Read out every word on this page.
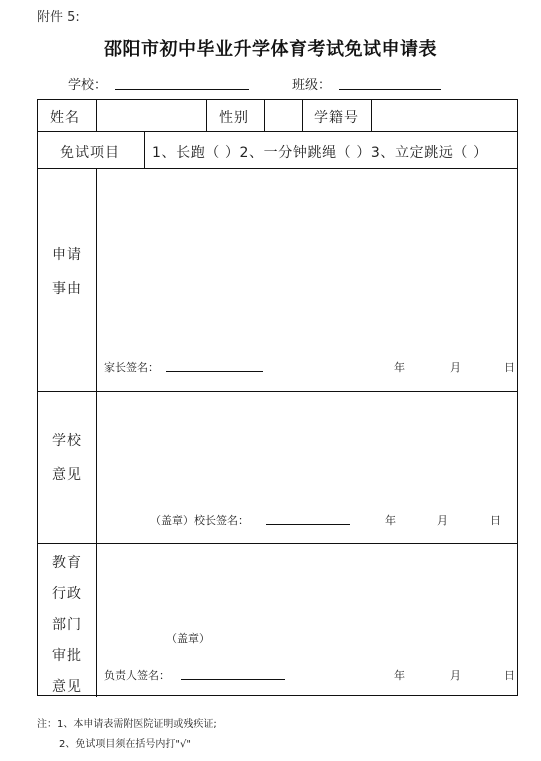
附件 5:
邵阳市初中毕业升学体育考试免试申请表
学校：	班级：
姓名	性别	学籍号
免试项目 1、长跑（ ）2、一分钟跳绳（ ）3、立定跳远（ ）
申请
事由
家长签名：	年	月	日
学校
意见
（盖章）校长签名：	年	月	日
教育
行政
部门
审批
意见
（盖章）
负责人签名：	年	月	日
注：1、本申请表需附医院证明或残疾证;
2、免试项目须在括号内打"√"
